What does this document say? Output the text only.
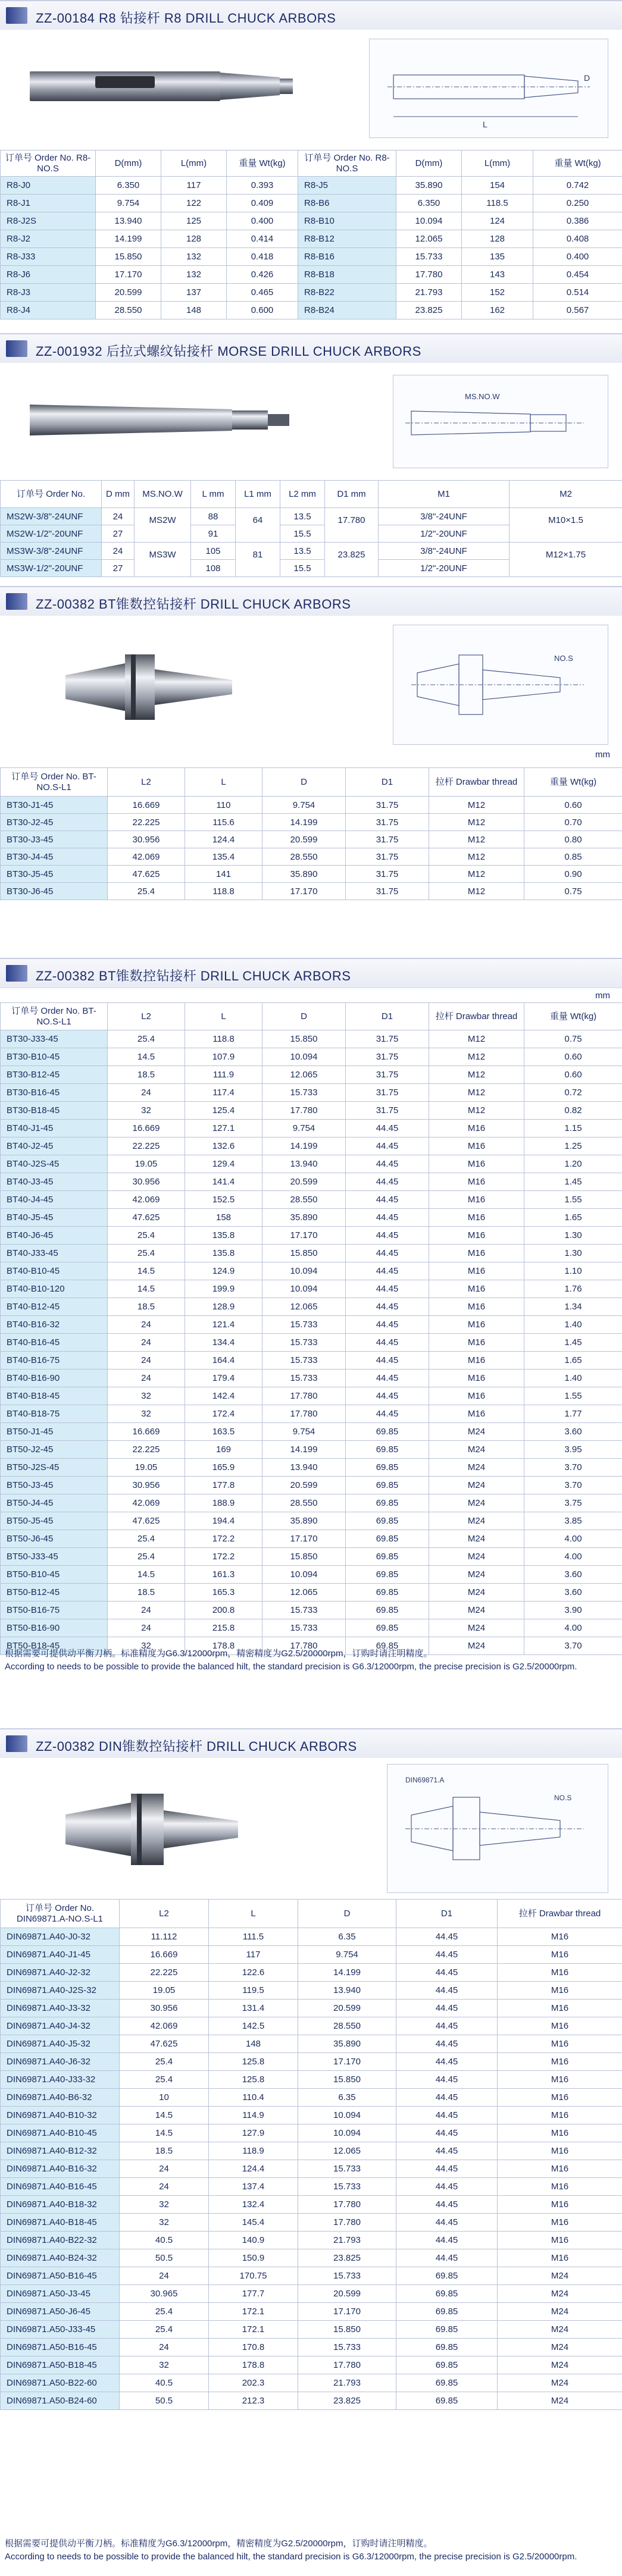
ZZ-00184 R8 钻接杆 R8 DRILL CHUCK ARBORS
L
D
订单号 Order No. R8-NO.S	D(mm)	L(mm)	重量 Wt(kg)	订单号 Order No. R8-NO.S	D(mm)	L(mm)	重量 Wt(kg)
R8-J0	6.350	117	0.393	R8-J5	35.890	154	0.742
R8-J1	9.754	122	0.409	R8-B6	6.350	118.5	0.250
R8-J2S	13.940	125	0.400	R8-B10	10.094	124	0.386
R8-J2	14.199	128	0.414	R8-B12	12.065	128	0.408
R8-J33	15.850	132	0.418	R8-B16	15.733	135	0.400
R8-J6	17.170	132	0.426	R8-B18	17.780	143	0.454
R8-J3	20.599	137	0.465	R8-B22	21.793	152	0.514
R8-J4	28.550	148	0.600	R8-B24	23.825	162	0.567
ZZ-001932 后拉式螺纹钻接杆 MORSE DRILL CHUCK ARBORS
MS.NO.W
订单号 Order No.	D mm	MS.NO.W	L mm	L1 mm	L2 mm	D1 mm	M1	M2
MS2W-3/8"-24UNF	24	MS2W	88	64	13.5	17.780	3/8"-24UNF	M10×1.5
MS2W-1/2"-20UNF	27		91		15.5		1/2"-20UNF	
MS3W-3/8"-24UNF	24	MS3W	105	81	13.5	23.825	3/8"-24UNF	M12×1.75
MS3W-1/2"-20UNF	27		108		15.5		1/2"-20UNF	
ZZ-00382 BT锥数控钻接杆 DRILL CHUCK ARBORS
NO.S
mm
订单号 Order No. BT-NO.S-L1	L2	L	D	D1	拉杆 Drawbar thread	重量 Wt(kg)
BT30-J1-45	16.669	110	9.754	31.75	M12	0.60
BT30-J2-45	22.225	115.6	14.199	31.75	M12	0.70
BT30-J3-45	30.956	124.4	20.599	31.75	M12	0.80
BT30-J4-45	42.069	135.4	28.550	31.75	M12	0.85
BT30-J5-45	47.625	141	35.890	31.75	M12	0.90
BT30-J6-45	25.4	118.8	17.170	31.75	M12	0.75
ZZ-00382 BT锥数控钻接杆 DRILL CHUCK ARBORS
mm
订单号 Order No. BT-NO.S-L1	L2	L	D	D1	拉杆 Drawbar thread	重量 Wt(kg)
BT30-J33-45	25.4	118.8	15.850	31.75	M12	0.75
BT30-B10-45	14.5	107.9	10.094	31.75	M12	0.60
BT30-B12-45	18.5	111.9	12.065	31.75	M12	0.60
BT30-B16-45	24	117.4	15.733	31.75	M12	0.72
BT30-B18-45	32	125.4	17.780	31.75	M12	0.82
BT40-J1-45	16.669	127.1	9.754	44.45	M16	1.15
BT40-J2-45	22.225	132.6	14.199	44.45	M16	1.25
BT40-J2S-45	19.05	129.4	13.940	44.45	M16	1.20
BT40-J3-45	30.956	141.4	20.599	44.45	M16	1.45
BT40-J4-45	42.069	152.5	28.550	44.45	M16	1.55
BT40-J5-45	47.625	158	35.890	44.45	M16	1.65
BT40-J6-45	25.4	135.8	17.170	44.45	M16	1.30
BT40-J33-45	25.4	135.8	15.850	44.45	M16	1.30
BT40-B10-45	14.5	124.9	10.094	44.45	M16	1.10
BT40-B10-120	14.5	199.9	10.094	44.45	M16	1.76
BT40-B12-45	18.5	128.9	12.065	44.45	M16	1.34
BT40-B16-32	24	121.4	15.733	44.45	M16	1.40
BT40-B16-45	24	134.4	15.733	44.45	M16	1.45
BT40-B16-75	24	164.4	15.733	44.45	M16	1.65
BT40-B16-90	24	179.4	15.733	44.45	M16	1.40
BT40-B18-45	32	142.4	17.780	44.45	M16	1.55
BT40-B18-75	32	172.4	17.780	44.45	M16	1.77
BT50-J1-45	16.669	163.5	9.754	69.85	M24	3.60
BT50-J2-45	22.225	169	14.199	69.85	M24	3.95
BT50-J2S-45	19.05	165.9	13.940	69.85	M24	3.70
BT50-J3-45	30.956	177.8	20.599	69.85	M24	3.70
BT50-J4-45	42.069	188.9	28.550	69.85	M24	3.75
BT50-J5-45	47.625	194.4	35.890	69.85	M24	3.85
BT50-J6-45	25.4	172.2	17.170	69.85	M24	4.00
BT50-J33-45	25.4	172.2	15.850	69.85	M24	4.00
BT50-B10-45	14.5	161.3	10.094	69.85	M24	3.60
BT50-B12-45	18.5	165.3	12.065	69.85	M24	3.60
BT50-B16-75	24	200.8	15.733	69.85	M24	3.90
BT50-B16-90	24	215.8	15.733	69.85	M24	4.00
BT50-B18-45	32	178.8	17.780	69.85	M24	3.70
根据需要可提供动平衡刀柄。标准精度为G6.3/12000rpm，精密精度为G2.5/20000rpm，订购时请注明精度。
According to needs to be possible to provide the balanced hilt, the standard precision is G6.3/12000rpm, the precise precision is G2.5/20000rpm.
ZZ-00382 DIN锥数控钻接杆 DRILL CHUCK ARBORS
DIN69871.A
NO.S
订单号 Order No. DIN69871.A-NO.S-L1	L2	L	D	D1	拉杆 Drawbar thread
DIN69871.A40-J0-32	11.112	111.5	6.35	44.45	M16
DIN69871.A40-J1-45	16.669	117	9.754	44.45	M16
DIN69871.A40-J2-32	22.225	122.6	14.199	44.45	M16
DIN69871.A40-J2S-32	19.05	119.5	13.940	44.45	M16
DIN69871.A40-J3-32	30.956	131.4	20.599	44.45	M16
DIN69871.A40-J4-32	42.069	142.5	28.550	44.45	M16
DIN69871.A40-J5-32	47.625	148	35.890	44.45	M16
DIN69871.A40-J6-32	25.4	125.8	17.170	44.45	M16
DIN69871.A40-J33-32	25.4	125.8	15.850	44.45	M16
DIN69871.A40-B6-32	10	110.4	6.35	44.45	M16
DIN69871.A40-B10-32	14.5	114.9	10.094	44.45	M16
DIN69871.A40-B10-45	14.5	127.9	10.094	44.45	M16
DIN69871.A40-B12-32	18.5	118.9	12.065	44.45	M16
DIN69871.A40-B16-32	24	124.4	15.733	44.45	M16
DIN69871.A40-B16-45	24	137.4	15.733	44.45	M16
DIN69871.A40-B18-32	32	132.4	17.780	44.45	M16
DIN69871.A40-B18-45	32	145.4	17.780	44.45	M16
DIN69871.A40-B22-32	40.5	140.9	21.793	44.45	M16
DIN69871.A40-B24-32	50.5	150.9	23.825	44.45	M16
DIN69871.A50-B16-45	24	170.75	15.733	69.85	M24
DIN69871.A50-J3-45	30.965	177.7	20.599	69.85	M24
DIN69871.A50-J6-45	25.4	172.1	17.170	69.85	M24
DIN69871.A50-J33-45	25.4	172.1	15.850	69.85	M24
DIN69871.A50-B16-45	24	170.8	15.733	69.85	M24
DIN69871.A50-B18-45	32	178.8	17.780	69.85	M24
DIN69871.A50-B22-60	40.5	202.3	21.793	69.85	M24
DIN69871.A50-B24-60	50.5	212.3	23.825	69.85	M24
根据需要可提供动平衡刀柄。标准精度为G6.3/12000rpm，精密精度为G2.5/20000rpm，订购时请注明精度。
According to needs to be possible to provide the balanced hilt, the standard precision is G6.3/12000rpm, the precise precision is G2.5/20000rpm.
